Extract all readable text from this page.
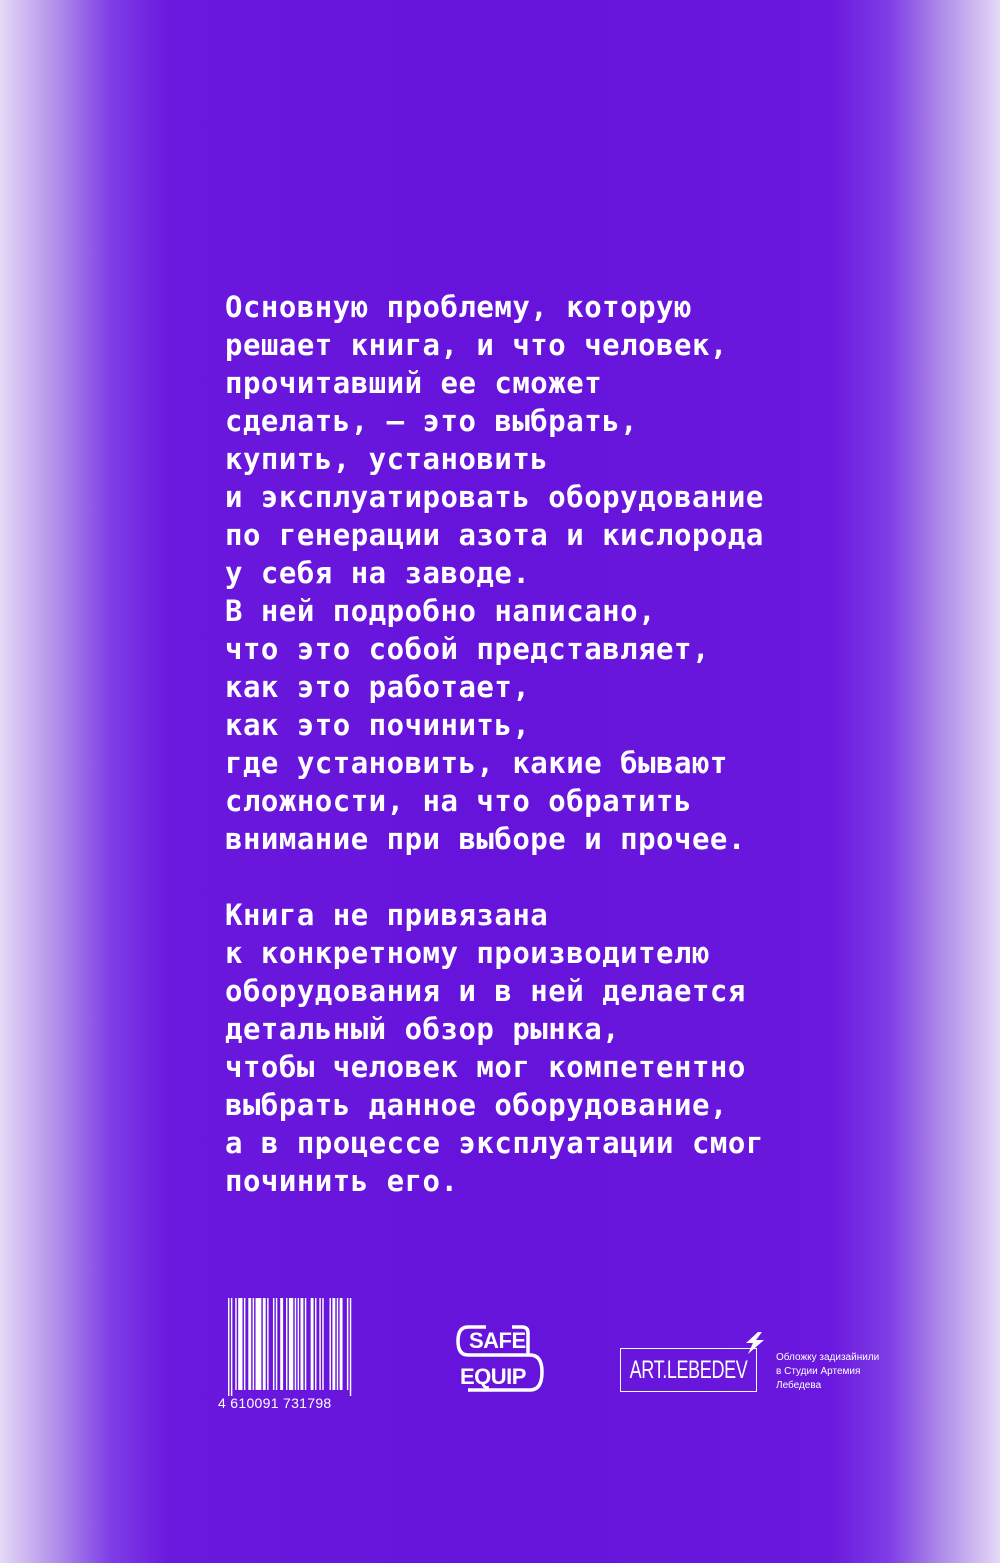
Основную проблему, которую
решает книга, и что человек,
прочитавший ее сможет
сделать, — это выбрать,
купить, установить
и эксплуатировать оборудование
по генерации азота и кислорода
у себя на заводе.
В ней подробно написано,
что это собой представляет,
как это работает,
как это починить,
где установить, какие бывают
сложности, на что обратить
внимание при выборе и прочее.

Книга не привязана
к конкретному производителю
оборудования и в ней делается
детальный обзор рынка,
чтобы человек мог компетентно
выбрать данное оборудование,
а в процессе эксплуатации смог
починить его.

4 610091 731798
SAFE
EQUIP	ART.LEBEDEV	Обложку задизайнили
в Студии Артемия
Лебедева
